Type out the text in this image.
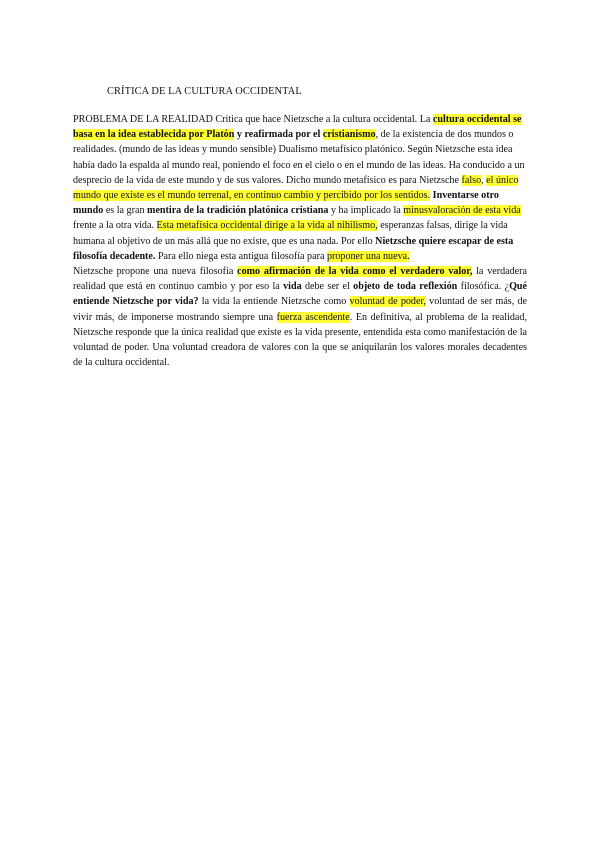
CRÍTICA DE LA CULTURA OCCIDENTAL

PROBLEMA DE LA REALIDAD Crítica que hace Nietzsche a la cultura occidental. La cultura occidental se basa en la idea establecida por Platón y reafirmada por el cristianismo, de la existencia de dos mundos o realidades. (mundo de las ideas y mundo sensible) Dualismo metafísico platónico. Según Nietzsche esta idea había dado la espalda al mundo real, poniendo el foco en el cielo o en el mundo de las ideas. Ha conducido a un desprecio de la vida de este mundo y de sus valores. Dicho mundo metafísico es para Nietzsche falso, el único mundo que existe es el mundo terrenal, en continuo cambio y percibido por los sentidos. Inventarse otro mundo es la gran mentira de la tradición platónica cristiana y ha implicado la minusvaloración de esta vida frente a la otra vida. Esta metafísica occidental dirige a la vida al nihilismo, esperanzas falsas, dirige la vida humana al objetivo de un más allá que no existe, que es una nada. Por ello Nietzsche quiere escapar de esta filosofía decadente. Para ello niega esta antigua filosofía para proponer una nueva.

Nietzsche propone una nueva filosofía como afirmación de la vida como el verdadero valor, la verdadera realidad que está en continuo cambio y por eso la vida debe ser el objeto de toda reflexión filosófica. ¿Qué entiende Nietzsche por vida? la vida la entiende Nietzsche como voluntad de poder, voluntad de ser más, de vivir más, de imponerse mostrando siempre una fuerza ascendente. En definitiva, al problema de la realidad, Nietzsche responde que la única realidad que existe es la vida presente, entendida esta como manifestación de la voluntad de poder. Una voluntad creadora de valores con la que se aniquilarán los valores morales decadentes de la cultura occidental.
